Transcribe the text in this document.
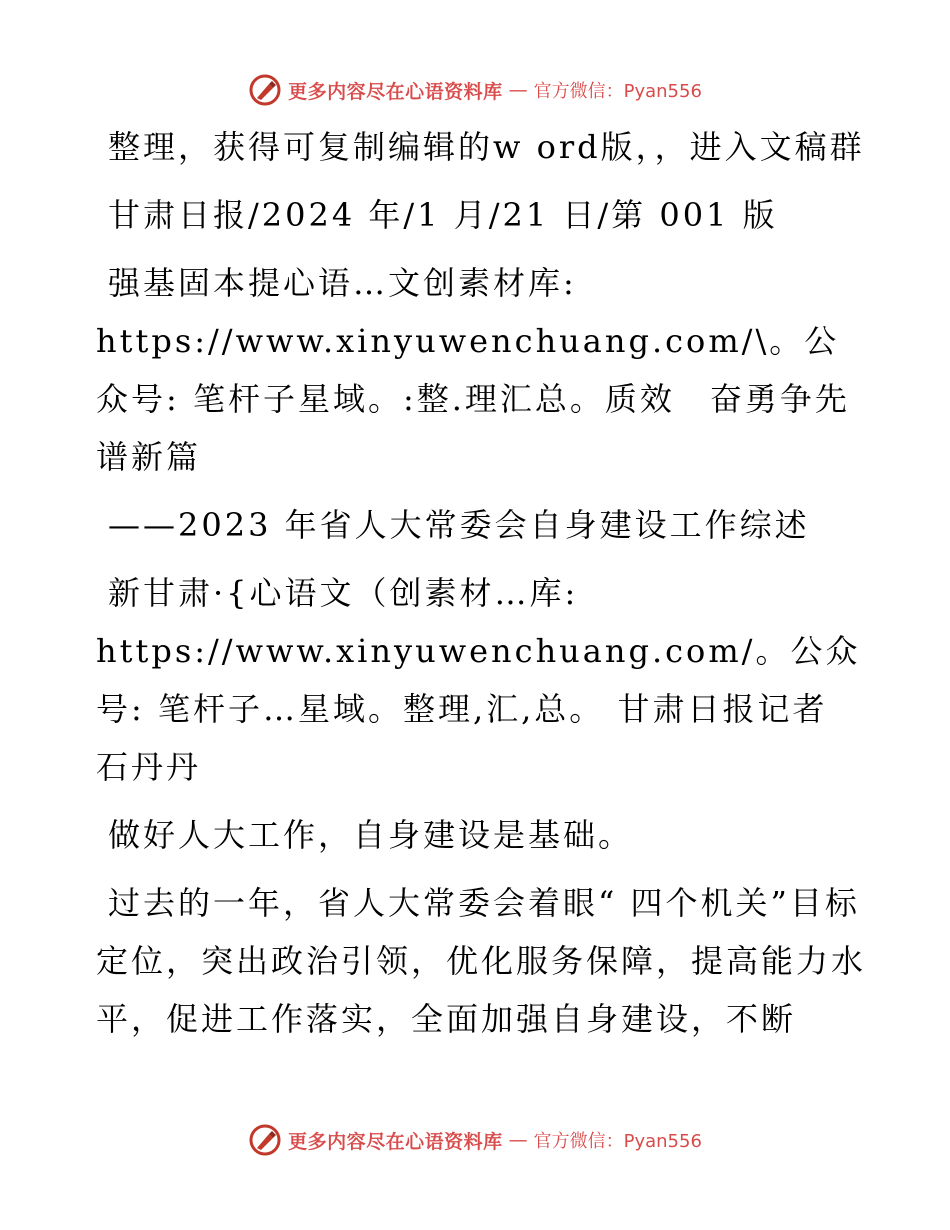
更多内容尽在心语资料库 — 官方微信：Pyan556

整理，获得可复制编辑的w ord版，，进入文稿群

甘肃日报/2024 年/1 月/21 日/第 001 版

强基固本提心语…文创素材库: https://www.xinyuwenchuang.com/\。公众号: 笔杆子星域。:整.理汇总。质效　奋勇争先谱新篇

——2023 年省人大常委会自身建设工作综述

新甘肃·{心语文（创素材…库: https://www.xinyuwenchuang.com/。公众号: 笔杆子…星域。整理,汇,总。 甘肃日报记者　石丹丹

做好人大工作，自身建设是基础。

过去的一年，省人大常委会着眼“ 四个机关”目标定位，突出政治引领，优化服务保障，提高能力水平，促进工作落实，全面加强自身建设，不断

更多内容尽在心语资料库 — 官方微信：Pyan556
